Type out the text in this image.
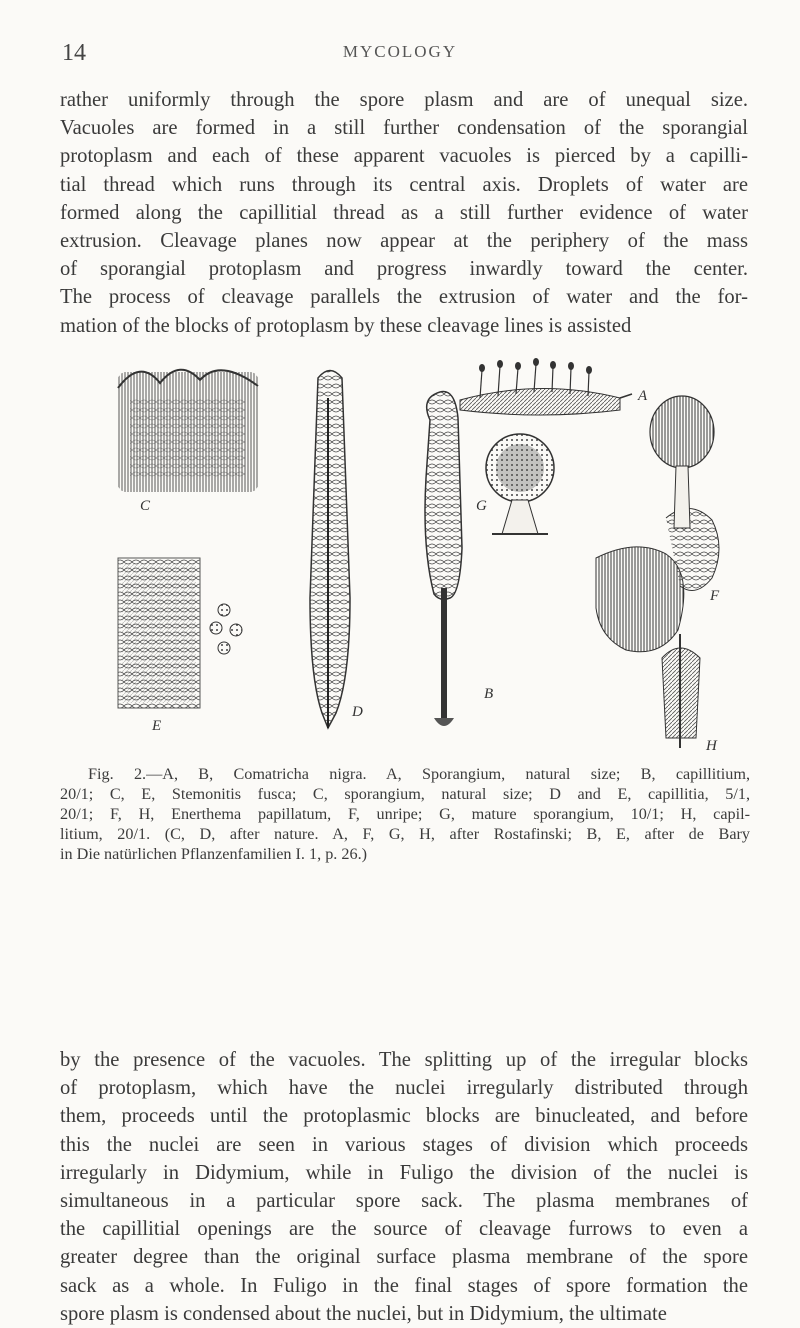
14	MYCOLOGY
rather uniformly through the spore plasm and are of unequal size.
Vacuoles are formed in a still further condensation of the sporangial
protoplasm and each of these apparent vacuoles is pierced by a capilli-
tial thread which runs through its central axis. Droplets of water are
formed along the capillitial thread as a still further evidence of water
extrusion. Cleavage planes now appear at the periphery of the mass
of sporangial protoplasm and progress inwardly toward the center.
The process of cleavage parallels the extrusion of water and the for-
mation of the blocks of protoplasm by these cleavage lines is assisted
C
E
D
A
G
B
F
H
Fig. 2.—A, B, Comatricha nigra. A, Sporangium, natural size; B, capillitium,
20/1; C, E, Stemonitis fusca; C, sporangium, natural size; D and E, capillitia, 5/1,
20/1; F, H, Enerthema papillatum, F, unripe; G, mature sporangium, 10/1; H, capil-
litium, 20/1. (C, D, after nature. A, F, G, H, after Rostafinski; B, E, after de Bary
in Die natürlichen Pflanzenfamilien I. 1, p. 26.)
by the presence of the vacuoles. The splitting up of the irregular blocks
of protoplasm, which have the nuclei irregularly distributed through
them, proceeds until the protoplasmic blocks are binucleated, and before
this the nuclei are seen in various stages of division which proceeds
irregularly in Didymium, while in Fuligo the division of the nuclei is
simultaneous in a particular spore sack. The plasma membranes of
the capillitial openings are the source of cleavage furrows to even a
greater degree than the original surface plasma membrane of the spore
sack as a whole. In Fuligo in the final stages of spore formation the
spore plasm is condensed about the nuclei, but in Didymium, the ultimate
